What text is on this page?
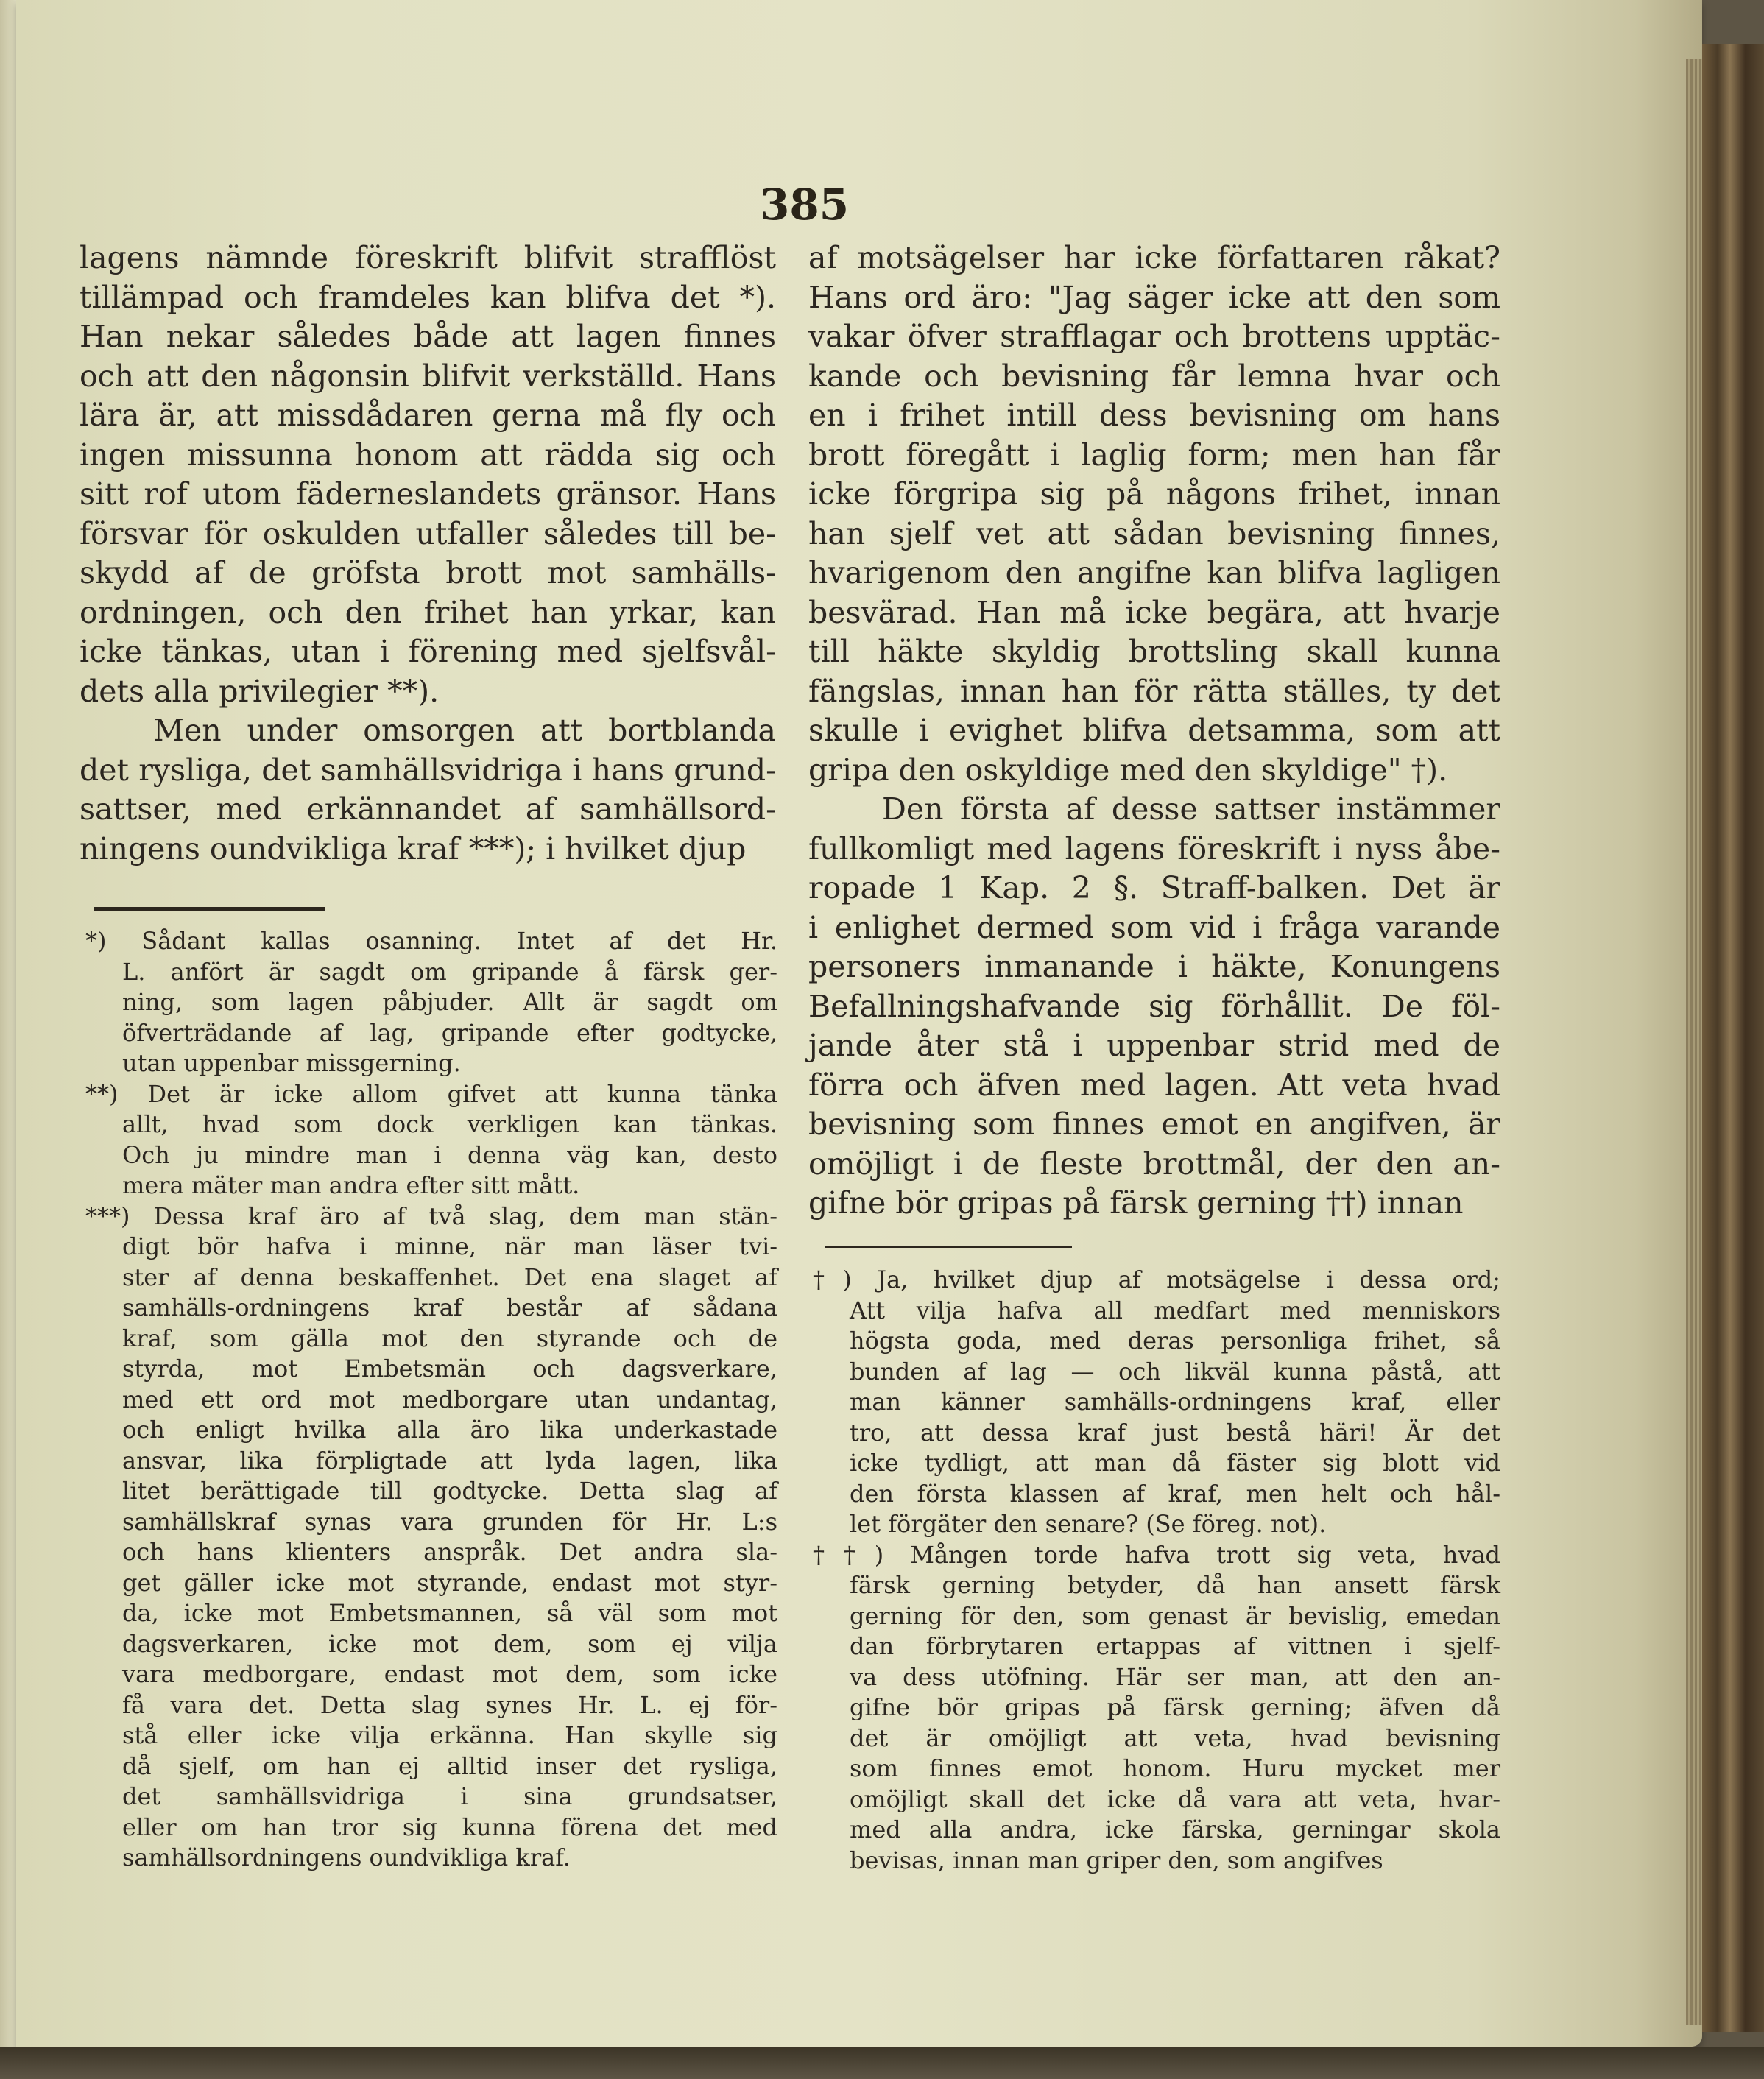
385
lagens nämnde föreskrift blifvit strafflöst
tillämpad och framdeles kan blifva det *).
Han nekar således både att lagen finnes
och att den någonsin blifvit verkställd. Hans
lära är, att missdådaren gerna må fly och
ingen missunna honom att rädda sig och
sitt rof utom fäderneslandets gränsor. Hans
försvar för oskulden utfaller således till be-
skydd af de gröfsta brott mot samhälls-
ordningen, och den frihet han yrkar, kan
icke tänkas, utan i förening med sjelfsvål-
dets alla privilegier **).
Men under omsorgen att bortblanda
det rysliga, det samhällsvidriga i hans grund-
sattser, med erkännandet af samhällsord-
ningens oundvikliga kraf ***); i hvilket djup
*) Sådant kallas osanning. Intet af det Hr.
L. anfört är sagdt om gripande å färsk ger-
ning, som lagen påbjuder. Allt är sagdt om
öfverträdande af lag, gripande efter godtycke,
utan uppenbar missgerning.
**) Det är icke allom gifvet att kunna tänka
allt, hvad som dock verkligen kan tänkas.
Och ju mindre man i denna väg kan, desto
mera mäter man andra efter sitt mått.
***) Dessa kraf äro af två slag, dem man stän-
digt bör hafva i minne, när man läser tvi-
ster af denna beskaffenhet. Det ena slaget af
samhälls-ordningens kraf består af sådana
kraf, som gälla mot den styrande och de
styrda, mot Embetsmän och dagsverkare,
med ett ord mot medborgare utan undantag,
och enligt hvilka alla äro lika underkastade
ansvar, lika förpligtade att lyda lagen, lika
litet berättigade till godtycke. Detta slag af
samhällskraf synas vara grunden för Hr. L:s
och hans klienters anspråk. Det andra sla-
get gäller icke mot styrande, endast mot styr-
da, icke mot Embetsmannen, så väl som mot
dagsverkaren, icke mot dem, som ej vilja
vara medborgare, endast mot dem, som icke
få vara det. Detta slag synes Hr. L. ej för-
stå eller icke vilja erkänna. Han skylle sig
då sjelf, om han ej alltid inser det rysliga,
det samhällsvidriga i sina grundsatser,
eller om han tror sig kunna förena det med
samhällsordningens oundvikliga kraf.
af motsägelser har icke författaren råkat?
Hans ord äro: "Jag säger icke att den som
vakar öfver strafflagar och brottens upptäc-
kande och bevisning får lemna hvar och
en i frihet intill dess bevisning om hans
brott föregått i laglig form; men han får
icke förgripa sig på någons frihet, innan
han sjelf vet att sådan bevisning finnes,
hvarigenom den angifne kan blifva lagligen
besvärad. Han må icke begära, att hvarje
till häkte skyldig brottsling skall kunna
fängslas, innan han för rätta ställes, ty det
skulle i evighet blifva detsamma, som att
gripa den oskyldige med den skyldige" †).
Den första af desse sattser instämmer
fullkomligt med lagens föreskrift i nyss åbe-
ropade 1 Kap. 2 §. Straff-balken. Det är
i enlighet dermed som vid i fråga varande
personers inmanande i häkte, Konungens
Befallningshafvande sig förhållit. De föl-
jande åter stå i uppenbar strid med de
förra och äfven med lagen. Att veta hvad
bevisning som finnes emot en angifven, är
omöjligt i de fleste brottmål, der den an-
gifne bör gripas på färsk gerning ††) innan
†) Ja, hvilket djup af motsägelse i dessa ord;
Att vilja hafva all medfart med menniskors
högsta goda, med deras personliga frihet, så
bunden af lag — och likväl kunna påstå, att
man känner samhälls-ordningens kraf, eller
tro, att dessa kraf just bestå häri! Är det
icke tydligt, att man då fäster sig blott vid
den första klassen af kraf, men helt och hål-
let förgäter den senare? (Se föreg. not).
††) Mången torde hafva trott sig veta, hvad
färsk gerning betyder, då han ansett färsk
gerning för den, som genast är bevislig, emedan
dan förbrytaren ertappas af vittnen i sjelf-
va dess utöfning. Här ser man, att den an-
gifne bör gripas på färsk gerning; äfven då
det är omöjligt att veta, hvad bevisning
som finnes emot honom. Huru mycket mer
omöjligt skall det icke då vara att veta, hvar-
med alla andra, icke färska, gerningar skola
bevisas, innan man griper den, som angifves
